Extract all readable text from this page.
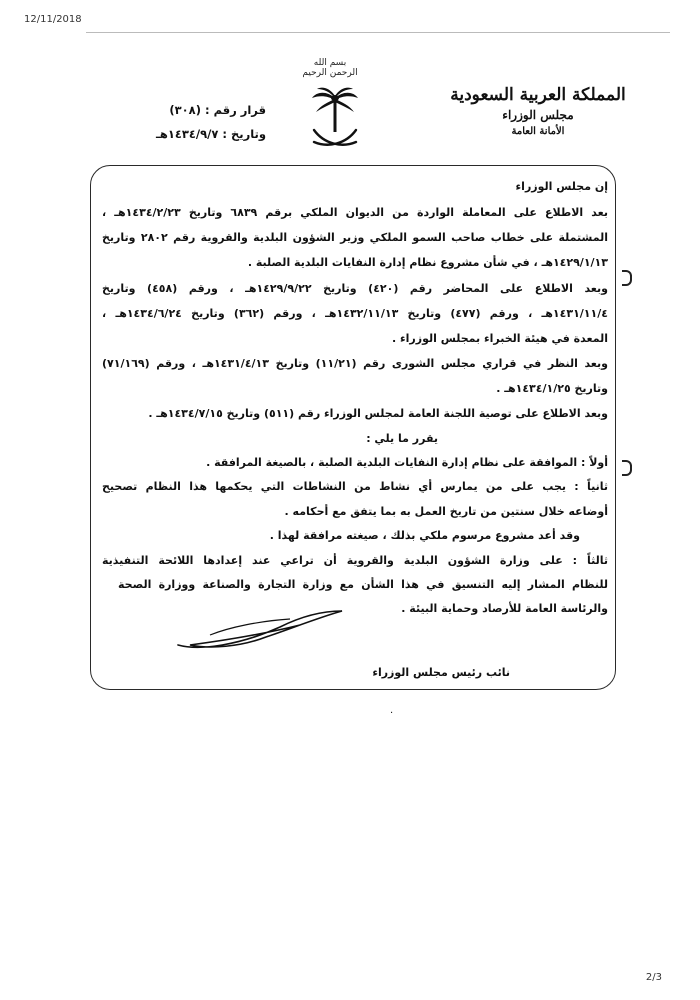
12/11/2018
بسم الله الرحمن الرحيم
المملكة العربية السعودية
مجلس الوزراء
الأمانة العامة
قرار رقم : (٣٠٨)
وتاريخ : ١٤٣٤/٩/٧هـ
إن مجلس الوزراء
بعد الاطلاع على المعاملة الواردة من الديوان الملكي برقم ٦٨٣٩ وتاريخ ١٤٣٤/٢/٢٣هـ ،
المشتملة على خطاب صاحب السمو الملكي وزير الشؤون البلدية والقروية رقم ٢٨٠٢ وتاريخ
١٤٢٩/١/١٣هـ ، في شأن مشروع نظام إدارة النفايات البلدية الصلبة .
وبعد الاطلاع على المحاضر رقم (٤٢٠) وتاريخ ١٤٢٩/٩/٢٢هـ ، ورقم (٤٥٨) وتاريخ
١٤٣١/١١/٤هـ ، ورقم (٤٧٧) وتاريخ ١٤٣٢/١١/١٣هـ ، ورقم (٣٦٢) وتاريخ ١٤٣٤/٦/٢٤هـ ،
المعدة في هيئة الخبراء بمجلس الوزراء .
وبعد النظر في قراري مجلس الشورى رقم (١١/٢١) وتاريخ ١٤٣١/٤/١٣هـ ، ورقم (٧١/١٦٩)
وتاريخ ١٤٣٤/١/٢٥هـ .
وبعد الاطلاع على توصية اللجنة العامة لمجلس الوزراء رقم (٥١١) وتاريخ ١٤٣٤/٧/١٥هـ .
يقرر ما يلي :
أولاً : الموافقة على نظام إدارة النفايات البلدية الصلبة ، بالصيغة المرافقة .
ثانياً : يجب على من يمارس أي نشاط من النشاطات التي يحكمها هذا النظام تصحيح
أوضاعه خلال سنتين من تاريخ العمل به بما يتفق مع أحكامه .
وقد أعد مشروع مرسوم ملكي بذلك ، صيغته مرافقة لهذا .
ثالثاً : على وزارة الشؤون البلدية والقروية أن تراعي عند إعدادها اللائحة التنفيذية
للنظام المشار إليه التنسيق في هذا الشأن مع وزارة التجارة والصناعة ووزارة الصحة
والرئاسة العامة للأرصاد وحماية البيئة .
نائب رئيس مجلس الوزراء
·
2/3
